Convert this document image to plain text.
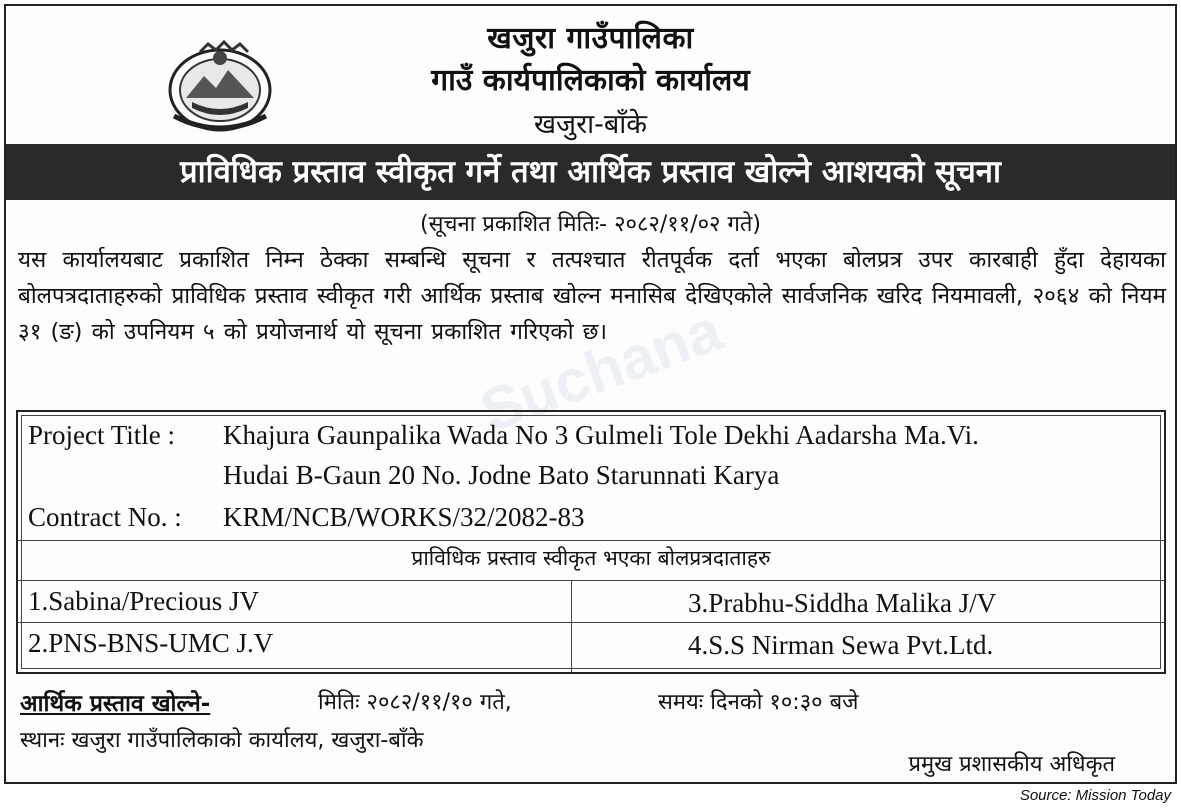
खजुरा गाउँपालिका
गाउँ कार्यपालिकाको कार्यालय
खजुरा-बाँके
प्राविधिक प्रस्ताव स्वीकृत गर्ने तथा आर्थिक प्रस्ताव खोल्ने आशयको सूचना
(सूचना प्रकाशित मितिः- २०८२/११/०२ गते)
यस कार्यालयबाट प्रकाशित निम्न ठेक्का सम्बन्धि सूचना र तत्पश्चात रीतपूर्वक दर्ता भएका बोलप्रत्र उपर कारबाही हुँदा देहायका बोलपत्रदाताहरुको प्राविधिक प्रस्ताव स्वीकृत गरी आर्थिक प्रस्ताब खोल्न मनासिब देखिएकोले सार्वजनिक खरिद नियमावली, २०६४ को नियम ३१ (ङ) को उपनियम ५ को प्रयोजनार्थ यो सूचना प्रकाशित गरिएको छ।
Suchana
Project Title : Khajura Gaunpalika Wada No 3 Gulmeli Tole Dekhi Aadarsha Ma.Vi.
Hudai B-Gaun 20 No. Jodne Bato Starunnati Karya
Contract No. : KRM/NCB/WORKS/32/2082-83
प्राविधिक प्रस्ताव स्वीकृत भएका बोलप्रत्रदाताहरु
1.Sabina/Precious JV
2.PNS-BNS-UMC J.V
3.Prabhu-Siddha Malika J/V
4.S.S Nirman Sewa Pvt.Ltd.
आर्थिक प्रस्ताव खोल्ने-	मितिः २०८२/११/१० गते,	समयः दिनको १०:३० बजे
स्थानः खजुरा गाउँपालिकाको कार्यालय, खजुरा-बाँके
प्रमुख प्रशासकीय अधिकृत
Source: Mission Today
